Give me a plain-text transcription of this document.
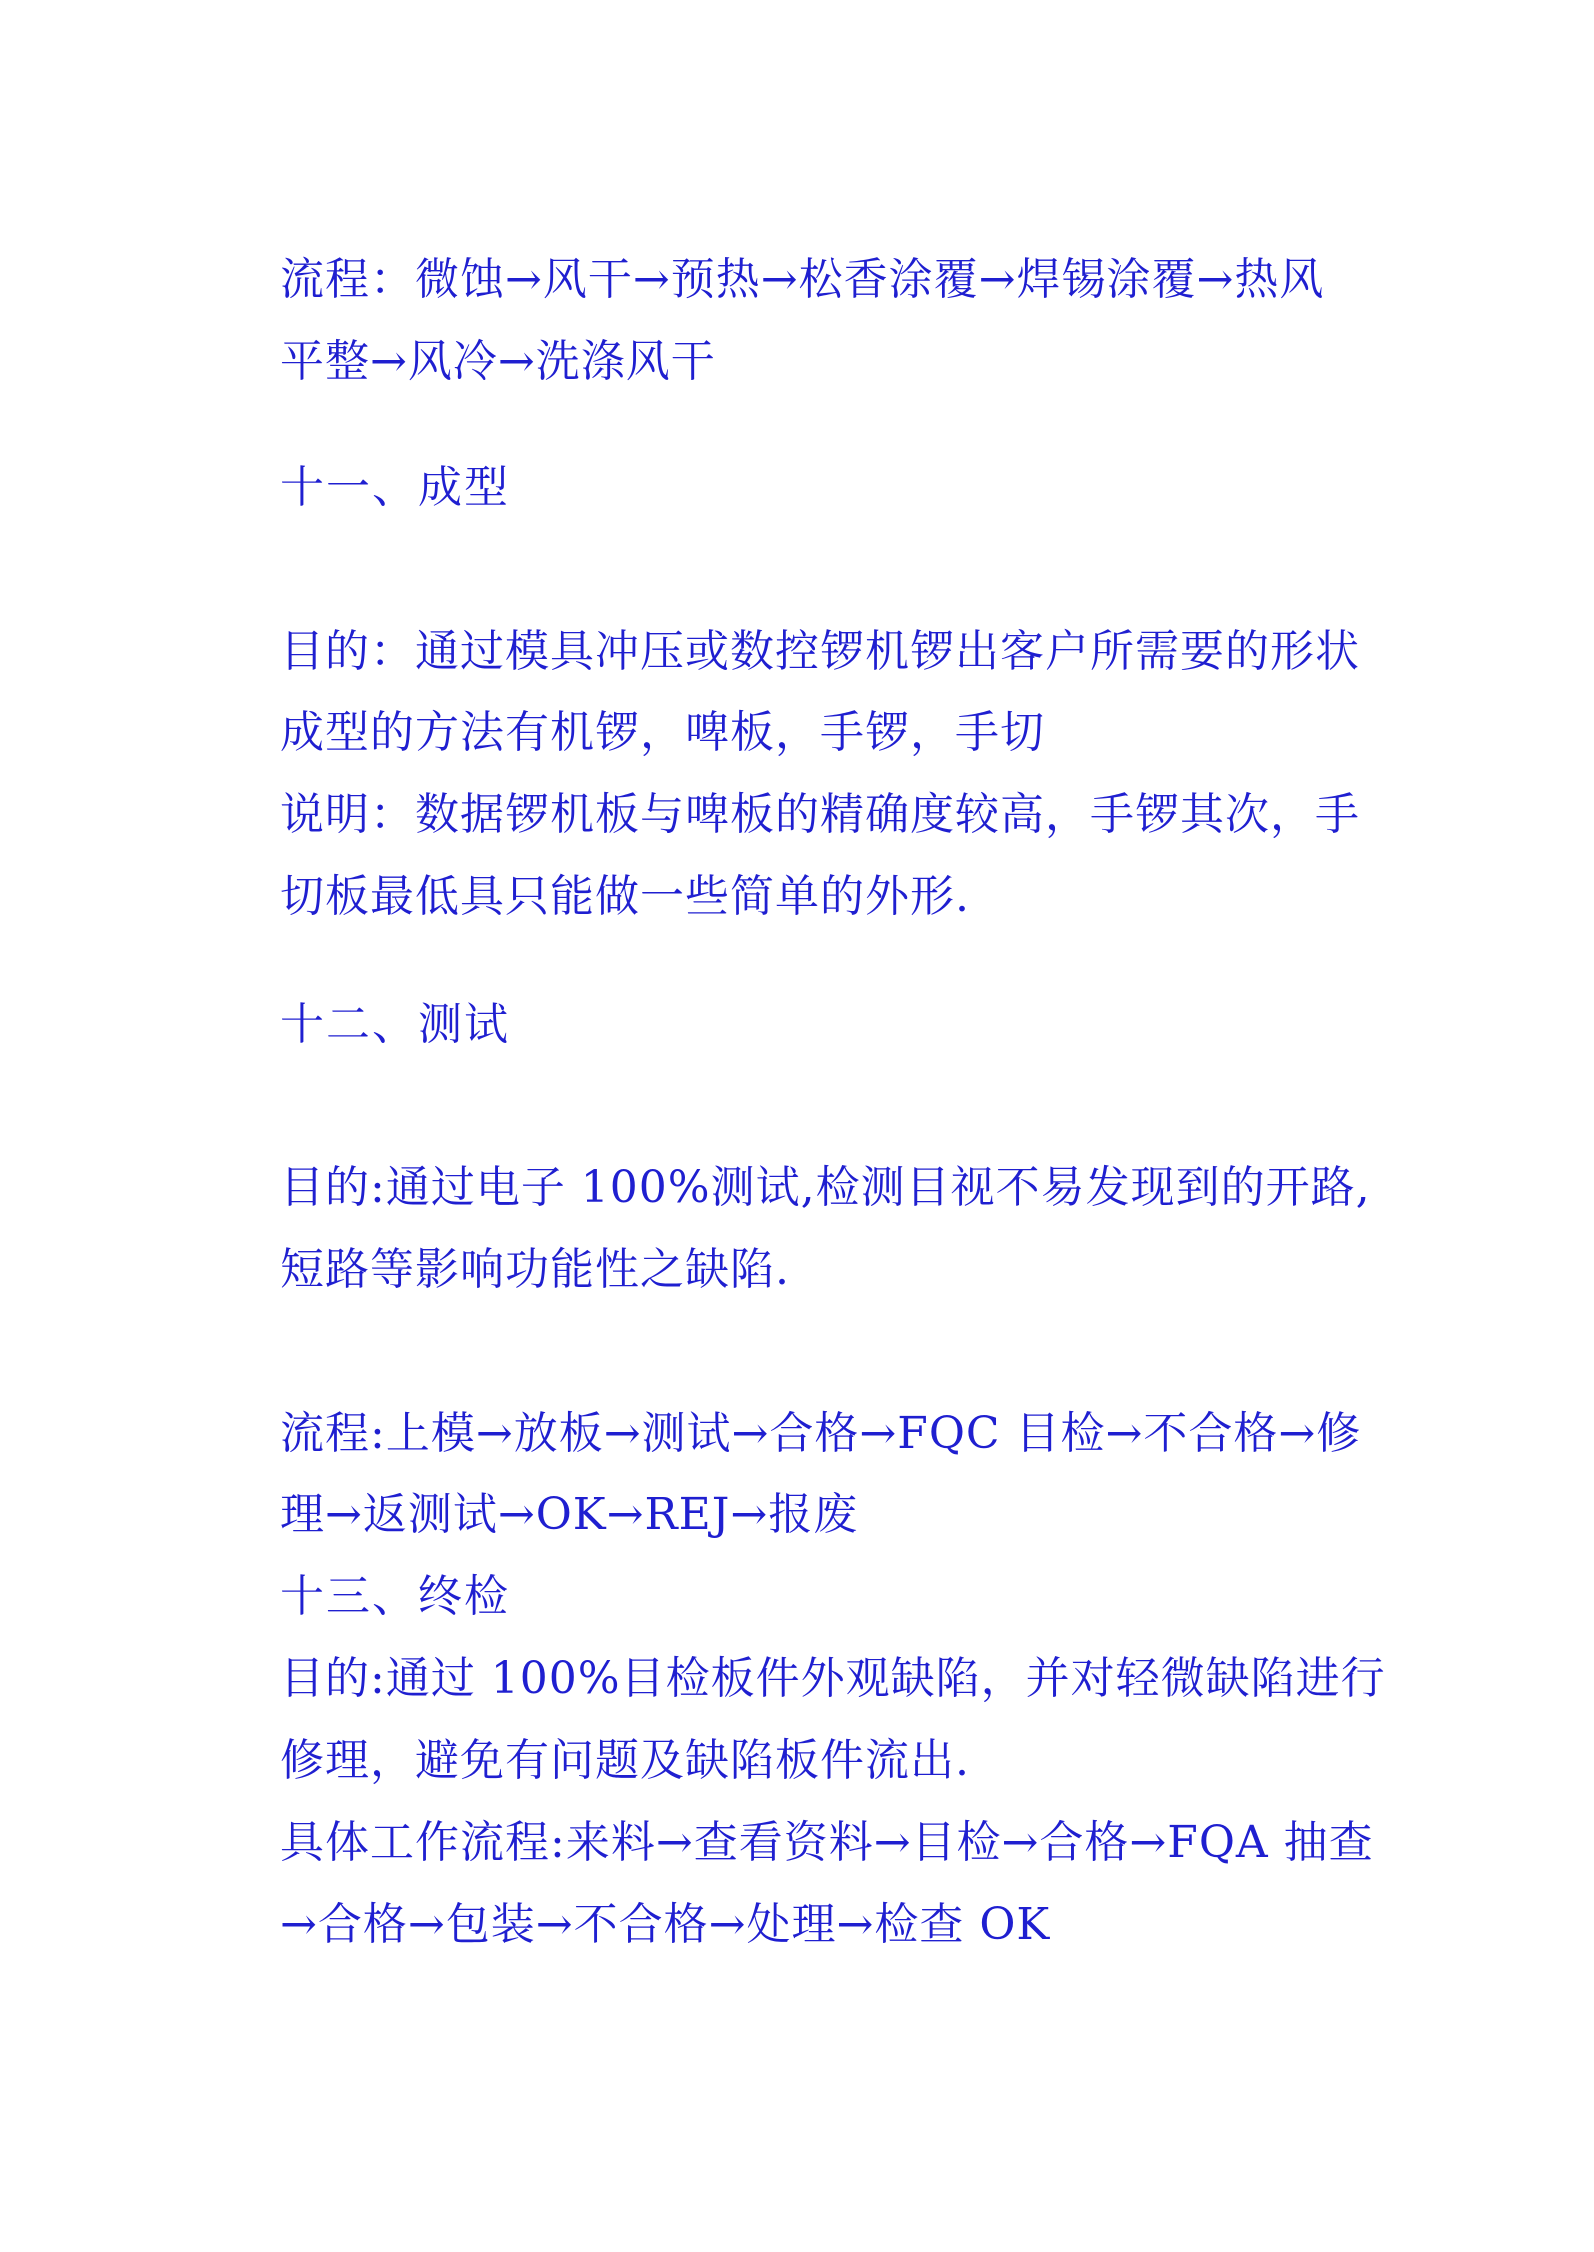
流程：微蚀→风干→预热→松香涂覆→焊锡涂覆→热风
平整→风冷→洗涤风干
十一、成型
目的：通过模具冲压或数控锣机锣出客户所需要的形状
成型的方法有机锣，啤板，手锣，手切
说明：数据锣机板与啤板的精确度较高，手锣其次，手
切板最低具只能做一些简单的外形.
十二、测试
目的:通过电子 100%测试,检测目视不易发现到的开路,
短路等影响功能性之缺陷.
流程:上模→放板→测试→合格→FQC 目检→不合格→修
理→返测试→OK→REJ→报废
十三、终检
目的:通过 100%目检板件外观缺陷，并对轻微缺陷进行
修理，避免有问题及缺陷板件流出.
具体工作流程:来料→查看资料→目检→合格→FQA 抽查
→合格→包装→不合格→处理→检查 OK
